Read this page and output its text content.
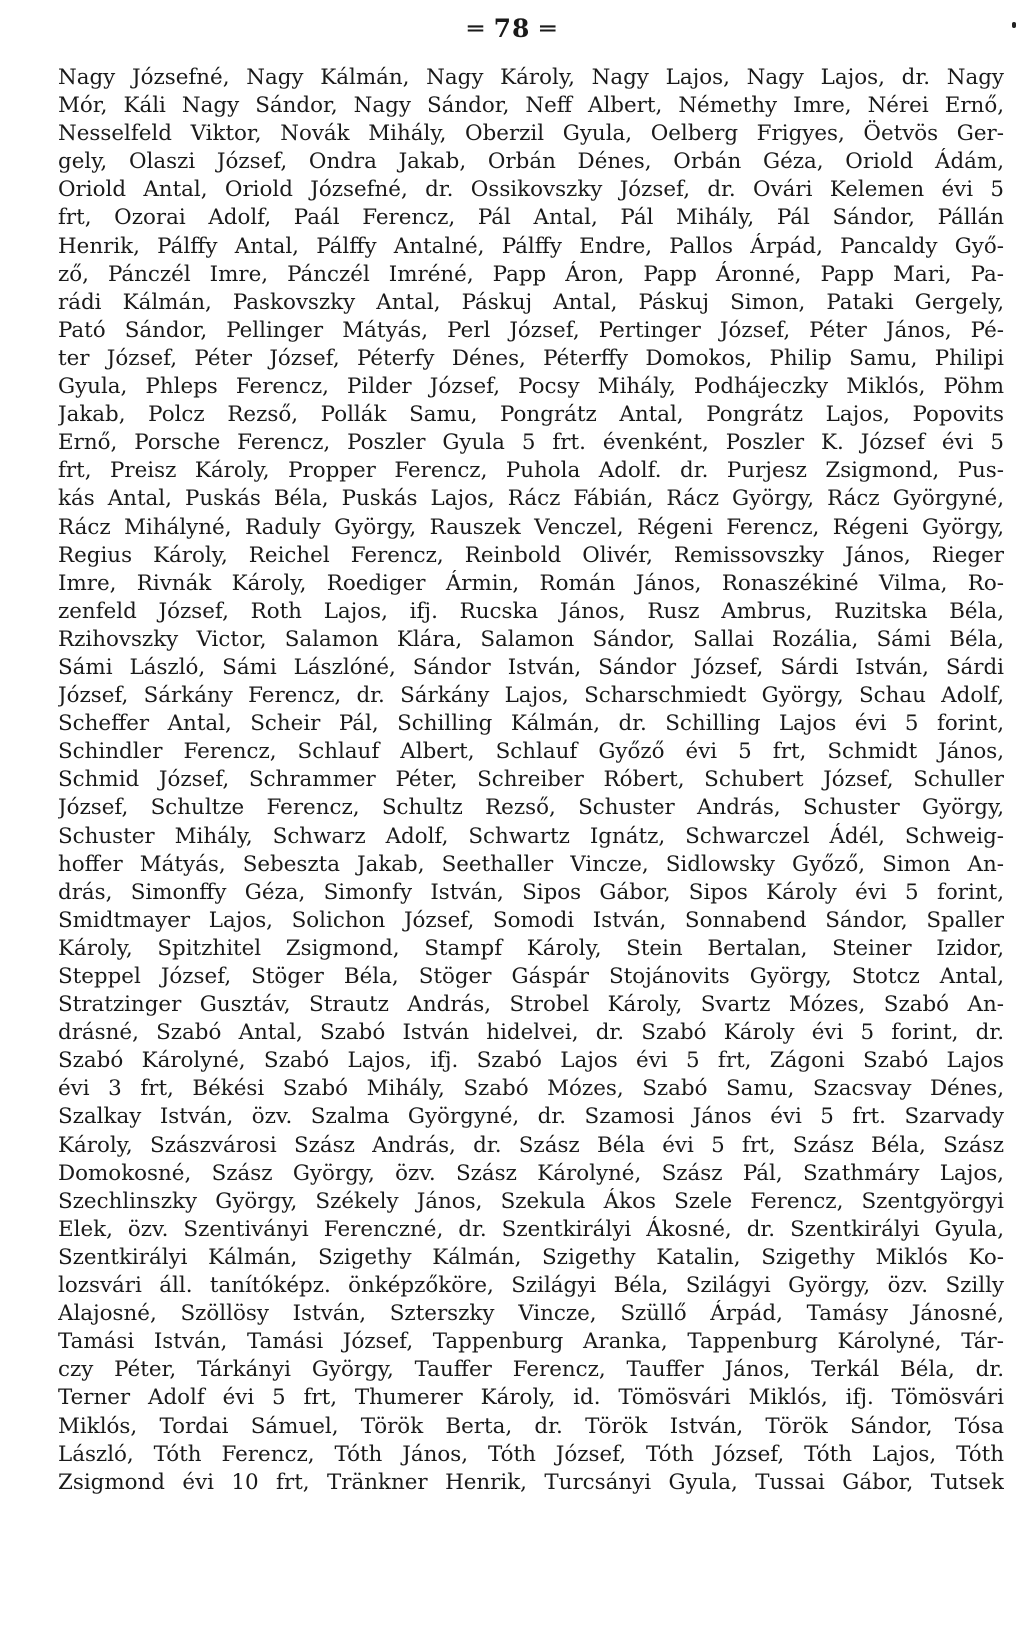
═ 78 ═
Nagy Józsefné, Nagy Kálmán, Nagy Károly, Nagy Lajos, Nagy Lajos, dr. Nagy
Mór, Káli Nagy Sándor, Nagy Sándor, Neff Albert, Némethy Imre, Nérei Ernő,
Nesselfeld Viktor, Novák Mihály, Oberzil Gyula, Oelberg Frigyes, Öetvös Ger-
gely, Olaszi József, Ondra Jakab, Orbán Dénes, Orbán Géza, Oriold Ádám,
Oriold Antal, Oriold Józsefné, dr. Ossikovszky József, dr. Ovári Kelemen évi 5
frt, Ozorai Adolf, Paál Ferencz, Pál Antal, Pál Mihály, Pál Sándor, Pállán
Henrik, Pálffy Antal, Pálffy Antalné, Pálffy Endre, Pallos Árpád, Pancaldy Győ-
ző, Pánczél Imre, Pánczél Imréné, Papp Áron, Papp Áronné, Papp Mari, Pa-
rádi Kálmán, Paskovszky Antal, Páskuj Antal, Páskuj Simon, Pataki Gergely,
Pató Sándor, Pellinger Mátyás, Perl József, Pertinger József, Péter János, Pé-
ter József, Péter József, Péterfy Dénes, Péterffy Domokos, Philip Samu, Philipi
Gyula, Phleps Ferencz, Pilder József, Pocsy Mihály, Podhájeczky Miklós, Pöhm
Jakab, Polcz Rezső, Pollák Samu, Pongrátz Antal, Pongrátz Lajos, Popovits
Ernő, Porsche Ferencz, Poszler Gyula 5 frt. évenként, Poszler K. József évi 5
frt, Preisz Károly, Propper Ferencz, Puhola Adolf. dr. Purjesz Zsigmond, Pus-
kás Antal, Puskás Béla, Puskás Lajos, Rácz Fábián, Rácz György, Rácz Györgyné,
Rácz Mihályné, Raduly György, Rauszek Venczel, Régeni Ferencz, Régeni György,
Regius Károly, Reichel Ferencz, Reinbold Olivér, Remissovszky János, Rieger
Imre, Rivnák Károly, Roediger Ármin, Román János, Ronaszékiné Vilma, Ro-
zenfeld József, Roth Lajos, ifj. Rucska János, Rusz Ambrus, Ruzitska Béla,
Rzihovszky Victor, Salamon Klára, Salamon Sándor, Sallai Rozália, Sámi Béla,
Sámi László, Sámi Lászlóné, Sándor István, Sándor József, Sárdi István, Sárdi
József, Sárkány Ferencz, dr. Sárkány Lajos, Scharschmiedt György, Schau Adolf,
Scheffer Antal, Scheir Pál, Schilling Kálmán, dr. Schilling Lajos évi 5 forint,
Schindler Ferencz, Schlauf Albert, Schlauf Győző évi 5 frt, Schmidt János,
Schmid József, Schrammer Péter, Schreiber Róbert, Schubert József, Schuller
József, Schultze Ferencz, Schultz Rezső, Schuster András, Schuster György,
Schuster Mihály, Schwarz Adolf, Schwartz Ignátz, Schwarczel Ádél, Schweig-
hoffer Mátyás, Sebeszta Jakab, Seethaller Vincze, Sidlowsky Győző, Simon An-
drás, Simonffy Géza, Simonfy István, Sipos Gábor, Sipos Károly évi 5 forint,
Smidtmayer Lajos, Solichon József, Somodi István, Sonnabend Sándor, Spaller
Károly, Spitzhitel Zsigmond, Stampf Károly, Stein Bertalan, Steiner Izidor,
Steppel József, Stöger Béla, Stöger Gáspár Stojánovits György, Stotcz Antal,
Stratzinger Gusztáv, Strautz András, Strobel Károly, Svartz Mózes, Szabó An-
drásné, Szabó Antal, Szabó István hidelvei, dr. Szabó Károly évi 5 forint, dr.
Szabó Károlyné, Szabó Lajos, ifj. Szabó Lajos évi 5 frt, Zágoni Szabó Lajos
évi 3 frt, Békési Szabó Mihály, Szabó Mózes, Szabó Samu, Szacsvay Dénes,
Szalkay István, özv. Szalma Györgyné, dr. Szamosi János évi 5 frt. Szarvady
Károly, Szászvárosi Szász András, dr. Szász Béla évi 5 frt, Szász Béla, Szász
Domokosné, Szász György, özv. Szász Károlyné, Szász Pál, Szathmáry Lajos,
Szechlinszky György, Székely János, Szekula Ákos Szele Ferencz, Szentgyörgyi
Elek, özv. Szentiványi Ferenczné, dr. Szentkirályi Ákosné, dr. Szentkirályi Gyula,
Szentkirályi Kálmán, Szigethy Kálmán, Szigethy Katalin, Szigethy Miklós Ko-
lozsvári áll. tanítóképz. önképzőköre, Szilágyi Béla, Szilágyi György, özv. Szilly
Alajosné, Szöllösy István, Szterszky Vincze, Szüllő Árpád, Tamásy Jánosné,
Tamási István, Tamási József, Tappenburg Aranka, Tappenburg Károlyné, Tár-
czy Péter, Tárkányi György, Tauffer Ferencz, Tauffer János, Terkál Béla, dr.
Terner Adolf évi 5 frt, Thumerer Károly, id. Tömösvári Miklós, ifj. Tömösvári
Miklós, Tordai Sámuel, Török Berta, dr. Török István, Török Sándor, Tósa
László, Tóth Ferencz, Tóth János, Tóth József, Tóth József, Tóth Lajos, Tóth
Zsigmond évi 10 frt, Tränkner Henrik, Turcsányi Gyula, Tussai Gábor, Tutsek
